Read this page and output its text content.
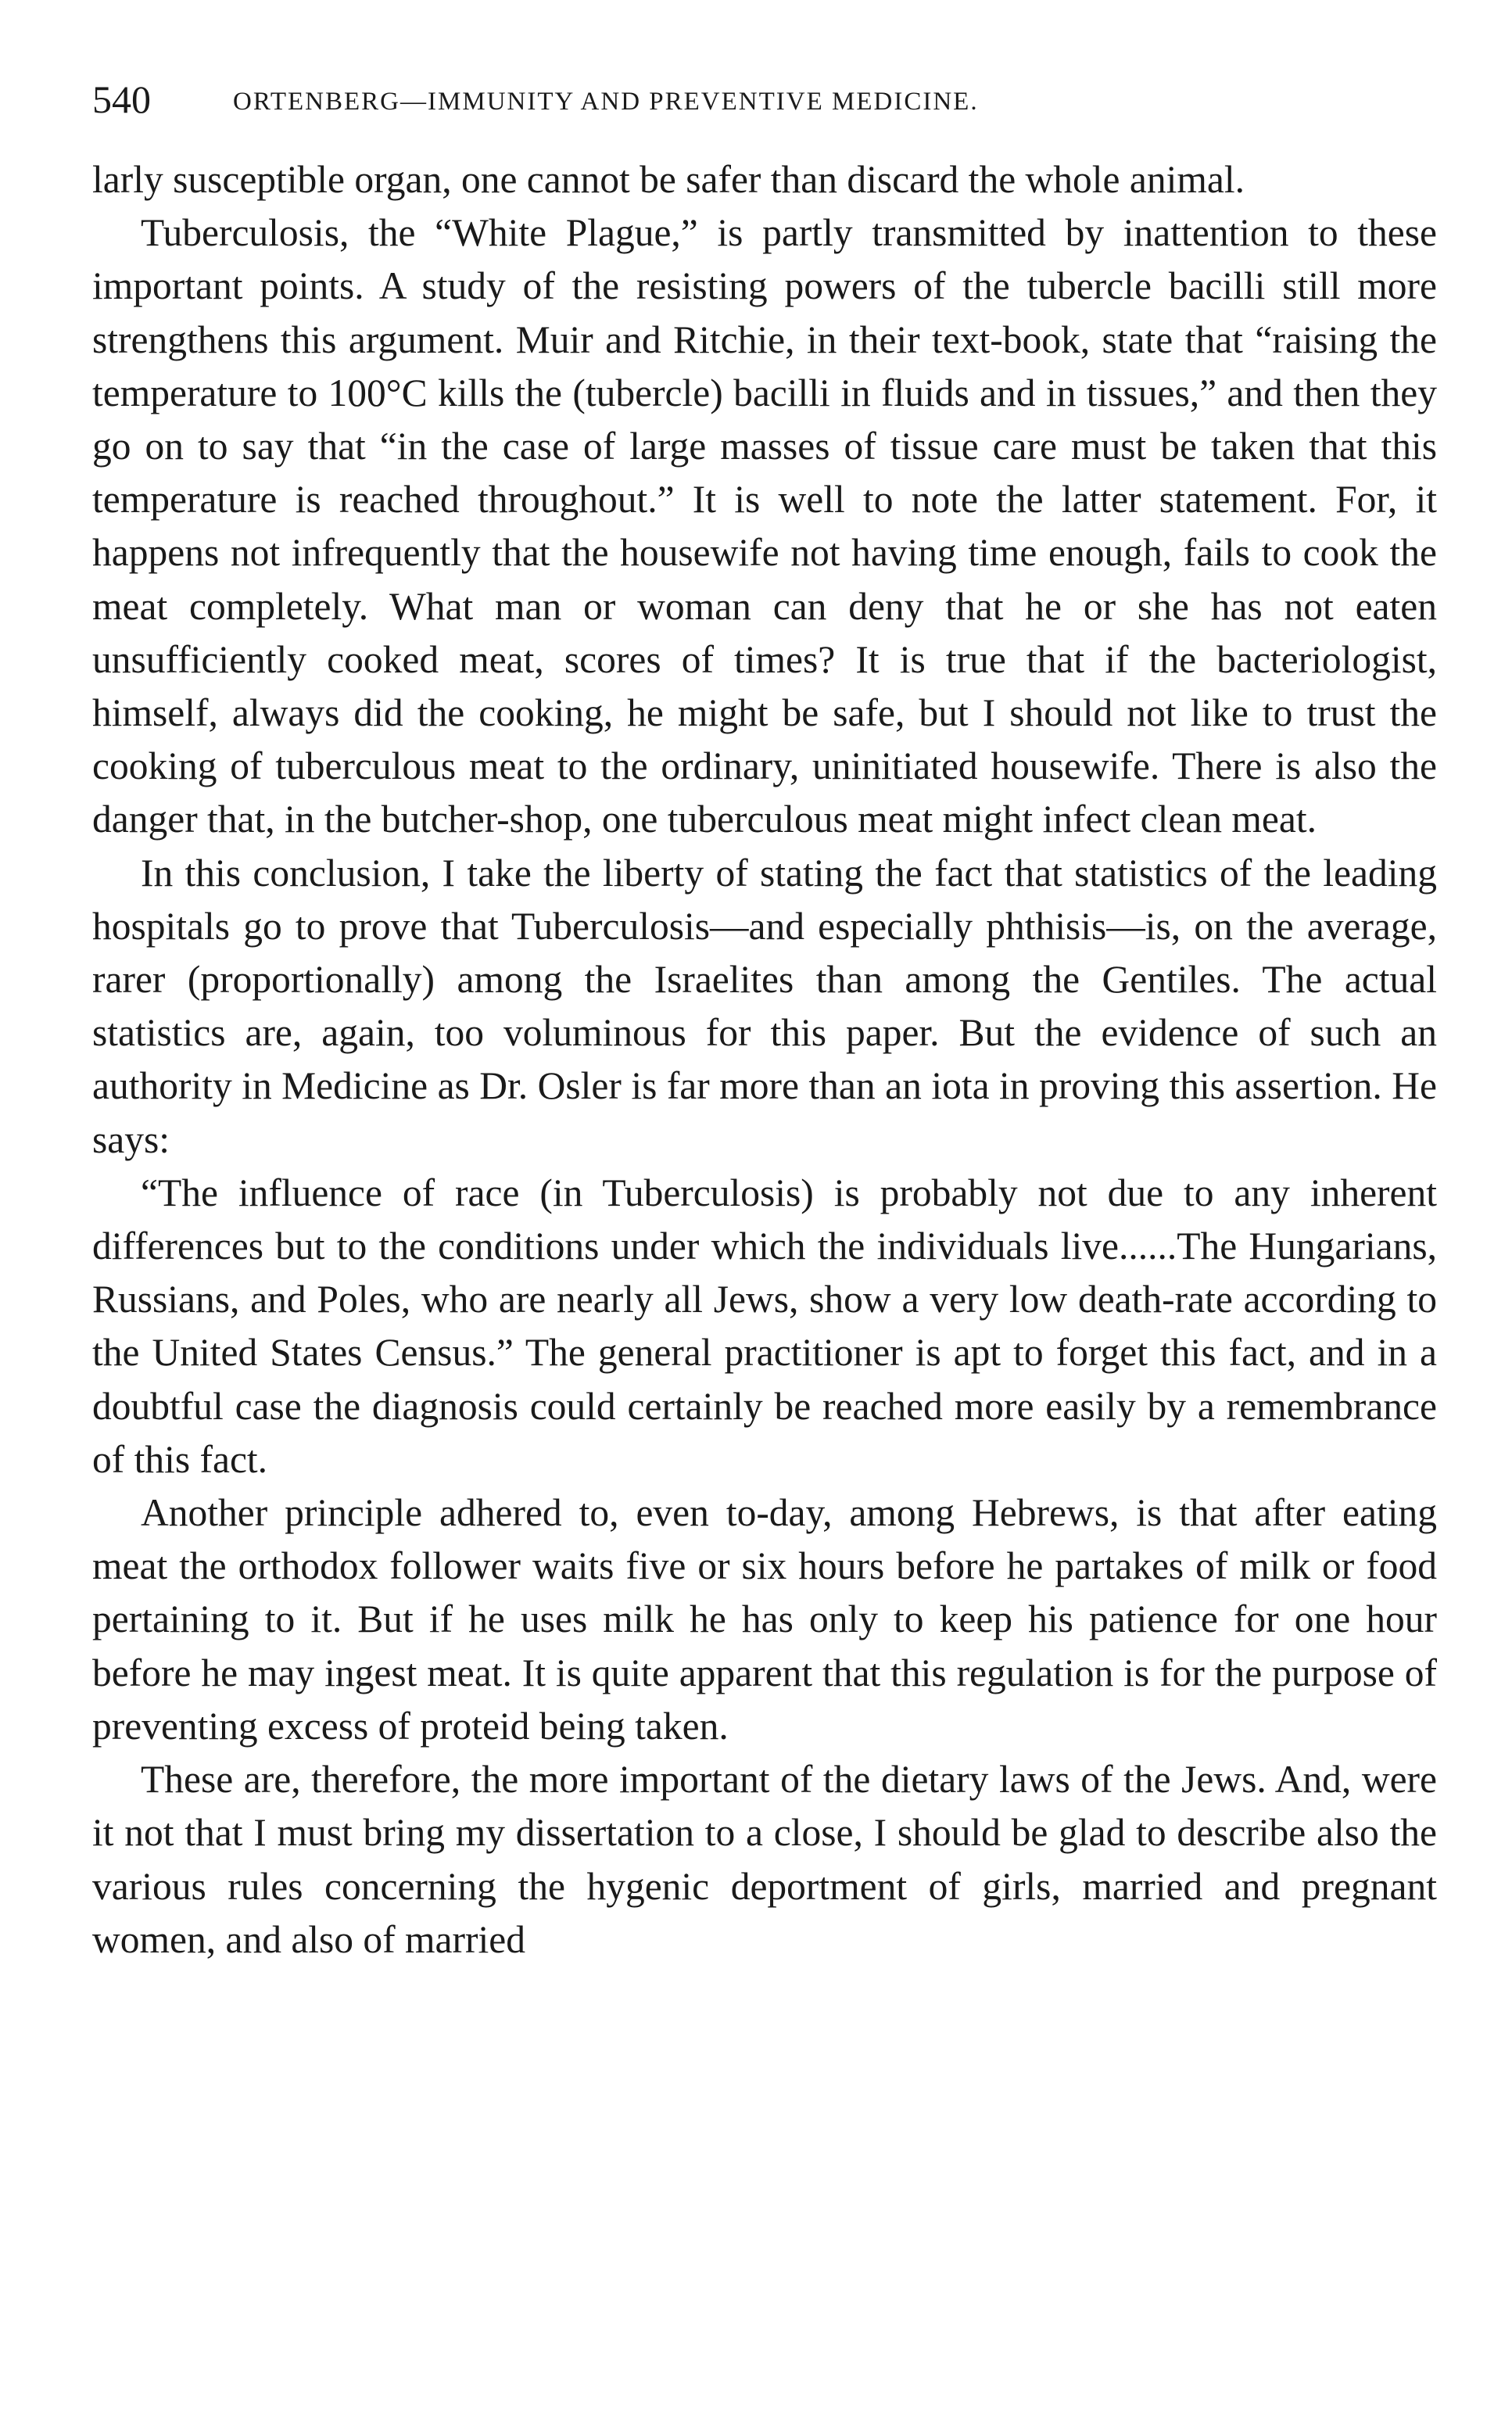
540	ORTENBERG—IMMUNITY AND PREVENTIVE MEDICINE.

larly susceptible organ, one cannot be safer than discard the whole animal.

Tuberculosis, the “White Plague,” is partly transmitted by inattention to these important points. A study of the resisting powers of the tubercle bacilli still more strengthens this argument. Muir and Ritchie, in their text-book, state that “raising the temperature to 100°C kills the (tubercle) bacilli in fluids and in tissues,” and then they go on to say that “in the case of large masses of tissue care must be taken that this temperature is reached throughout.” It is well to note the latter statement. For, it happens not infrequently that the housewife not having time enough, fails to cook the meat completely. What man or woman can deny that he or she has not eaten unsufficiently cooked meat, scores of times? It is true that if the bacteriologist, himself, always did the cooking, he might be safe, but I should not like to trust the cooking of tuberculous meat to the ordinary, uninitiated housewife. There is also the danger that, in the butcher-shop, one tuberculous meat might infect clean meat.

In this conclusion, I take the liberty of stating the fact that statistics of the leading hospitals go to prove that Tuberculosis—and especially phthisis—is, on the average, rarer (proportionally) among the Israelites than among the Gentiles. The actual statistics are, again, too voluminous for this paper. But the evidence of such an authority in Medicine as Dr. Osler is far more than an iota in proving this assertion. He says:

“The influence of race (in Tuberculosis) is probably not due to any inherent differences but to the conditions under which the individuals live......The Hungarians, Russians, and Poles, who are nearly all Jews, show a very low death-rate according to the United States Census.” The general practitioner is apt to forget this fact, and in a doubtful case the diagnosis could certainly be reached more easily by a remembrance of this fact.

Another principle adhered to, even to-day, among Hebrews, is that after eating meat the orthodox follower waits five or six hours before he partakes of milk or food pertaining to it. But if he uses milk he has only to keep his patience for one hour before he may ingest meat. It is quite apparent that this regulation is for the purpose of preventing excess of proteid being taken.

These are, therefore, the more important of the dietary laws of the Jews. And, were it not that I must bring my dissertation to a close, I should be glad to describe also the various rules concerning the hygenic deportment of girls, married and pregnant women, and also of married
